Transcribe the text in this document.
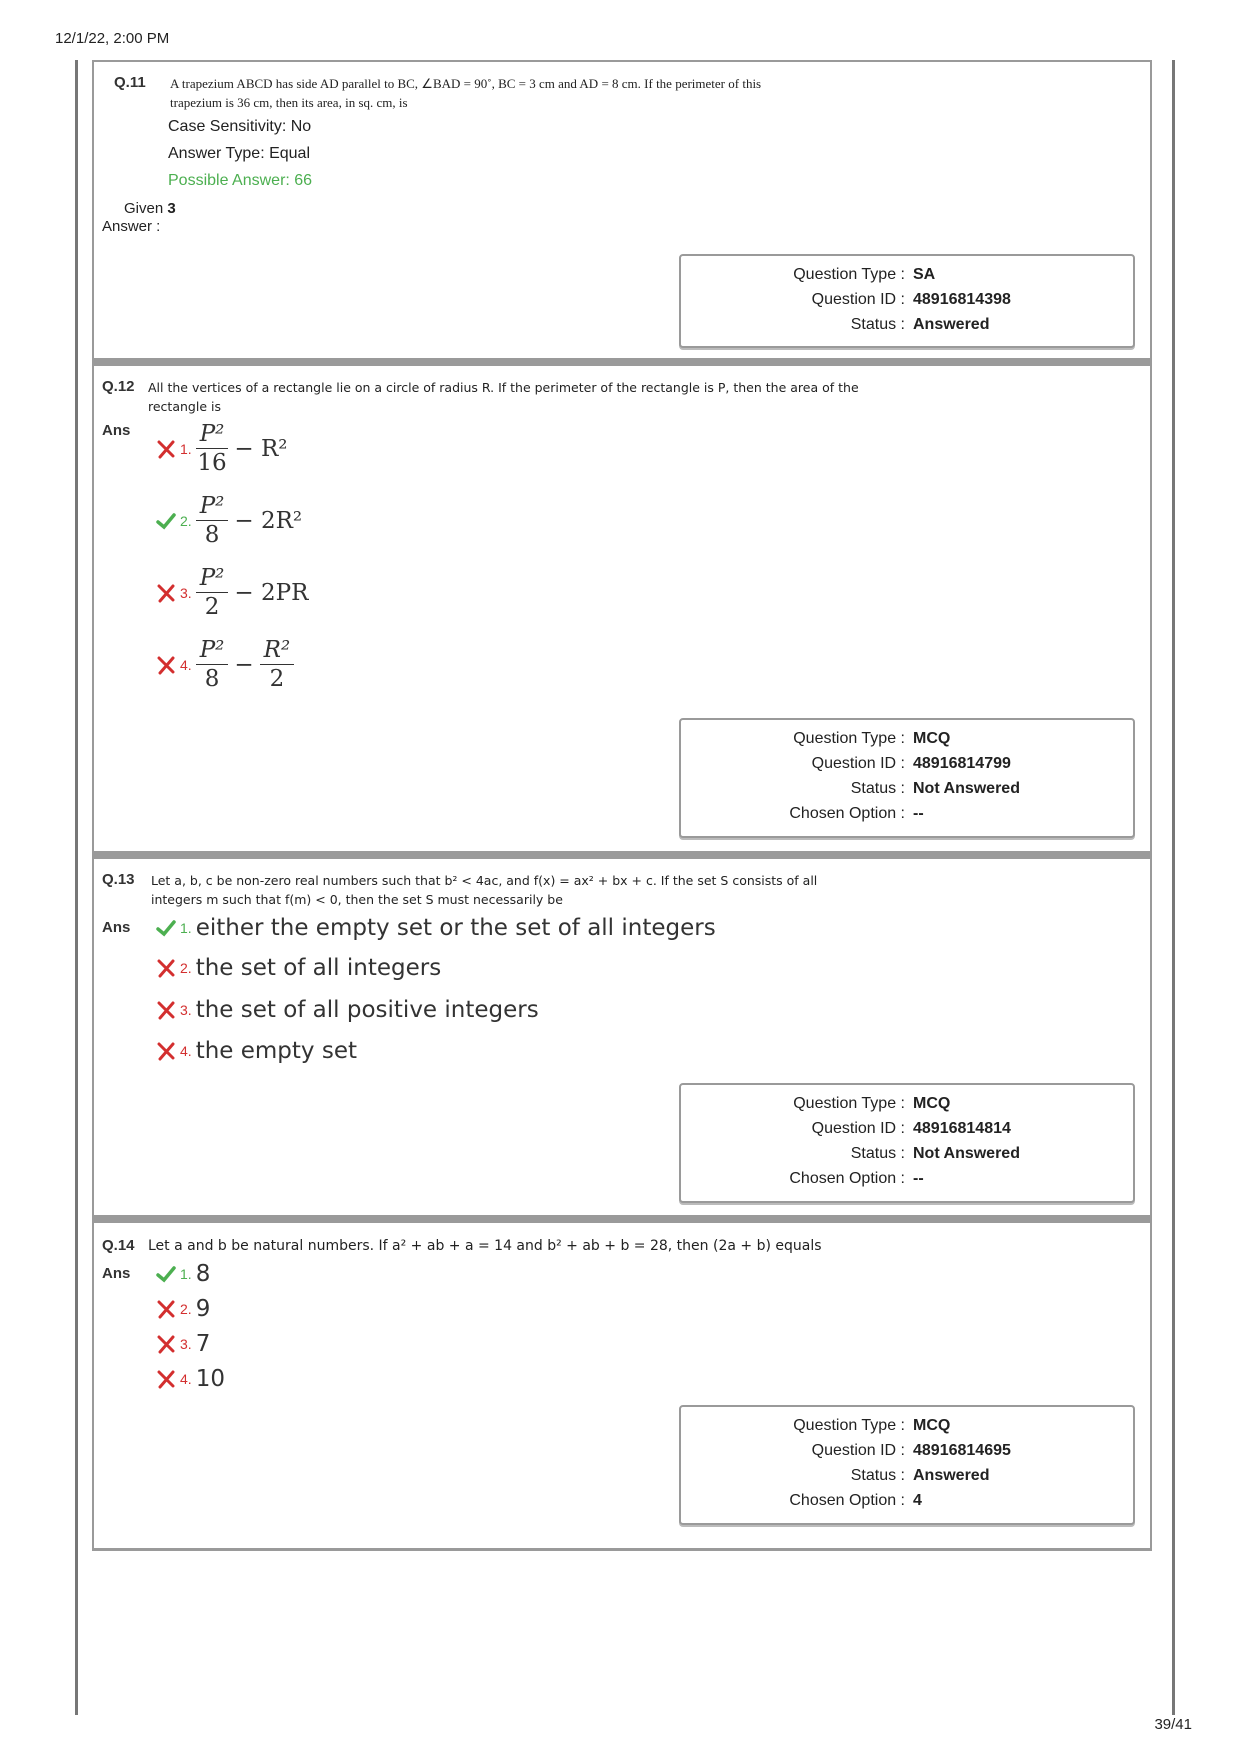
12/1/22, 2:00 PM
Q.11 A trapezium ABCD has side AD parallel to BC, ∠BAD = 90˚, BC = 3 cm and AD = 8 cm. If the perimeter of this
trapezium is 36 cm, then its area, in sq. cm, is
Case Sensitivity: No
Answer Type: Equal
Possible Answer: 66
Given 3
Answer :
Question Type : SA
Question ID : 48916814398
Status : Answered
Q.12 All the vertices of a rectangle lie on a circle of radius R. If the perimeter of the rectangle is P, then the area of the
rectangle is
Ans
1. $\frac{\text{P²}}{16} - R^2$
2. $\frac{\text{P²}}{8} - 2R^2$
3. $\frac{\text{P²}}{2} - 2PR$
4. $\frac{\text{P²}}{8} - \frac{\text{R²}}{2}$
Question Type : MCQ
Question ID : 48916814799
Status : Not Answered
Chosen Option : --
Q.13 Let a, b, c be non-zero real numbers such that b² < 4ac, and f(x) = ax² + bx + c. If the set S consists of all
integers m such that f(m) < 0, then the set S must necessarily be
Ans	1. either the empty set or the set of all integers
2. the set of all integers
3. the set of all positive integers
4. the empty set
Question Type : MCQ
Question ID : 48916814814
Status : Not Answered
Chosen Option : --
Q.14 Let a and b be natural numbers. If a² + ab + a = 14 and b² + ab + b = 28, then (2a + b) equals
Ans	1. 8
2. 9
3. 7
4. 10
Question Type : MCQ
Question ID : 48916814695
Status : Answered
Chosen Option : 4
39/41
